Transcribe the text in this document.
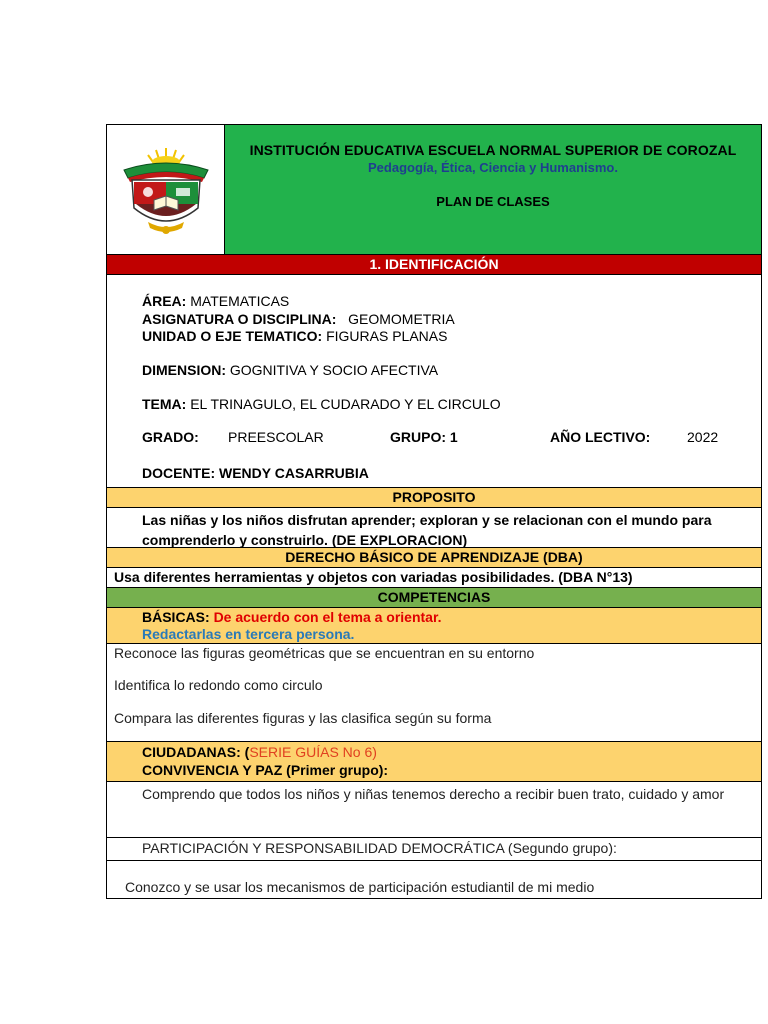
INSTITUCIÓN EDUCATIVA ESCUELA NORMAL SUPERIOR DE COROZAL
Pedagogía, Ética, Ciencia y Humanismo.
PLAN DE CLASES
1. IDENTIFICACIÓN
ÁREA: MATEMATICAS
ASIGNATURA O DISCIPLINA: GEOMOMETRIA
UNIDAD O EJE TEMATICO: FIGURAS PLANAS
DIMENSION: GOGNITIVA Y SOCIO AFECTIVA
TEMA: EL TRINAGULO, EL CUDARADO Y EL CIRCULO
GRADO: PREESCOLAR	GRUPO: 1	AÑO LECTIVO:	2022
DOCENTE: WENDY CASARRUBIA
PROPOSITO
Las niñas y los niños disfrutan aprender; exploran y se relacionan con el mundo para comprenderlo y construirlo. (DE EXPLORACION)
DERECHO BÁSICO DE APRENDIZAJE (DBA)
Usa diferentes herramientas y objetos con variadas posibilidades. (DBA N°13)
COMPETENCIAS
BÁSICAS: De acuerdo con el tema a orientar.
Redactarlas en tercera persona.
Reconoce las figuras geométricas que se encuentran en su entorno
Identifica lo redondo como circulo
Compara las diferentes figuras y las clasifica según su forma
CIUDADANAS: (SERIE GUÍAS No 6)
CONVIVENCIA Y PAZ (Primer grupo):
Comprendo que todos los niños y niñas tenemos derecho a recibir buen trato, cuidado y amor
PARTICIPACIÓN Y RESPONSABILIDAD DEMOCRÁTICA (Segundo grupo):
Conozco y se usar los mecanismos de participación estudiantil de mi medio
